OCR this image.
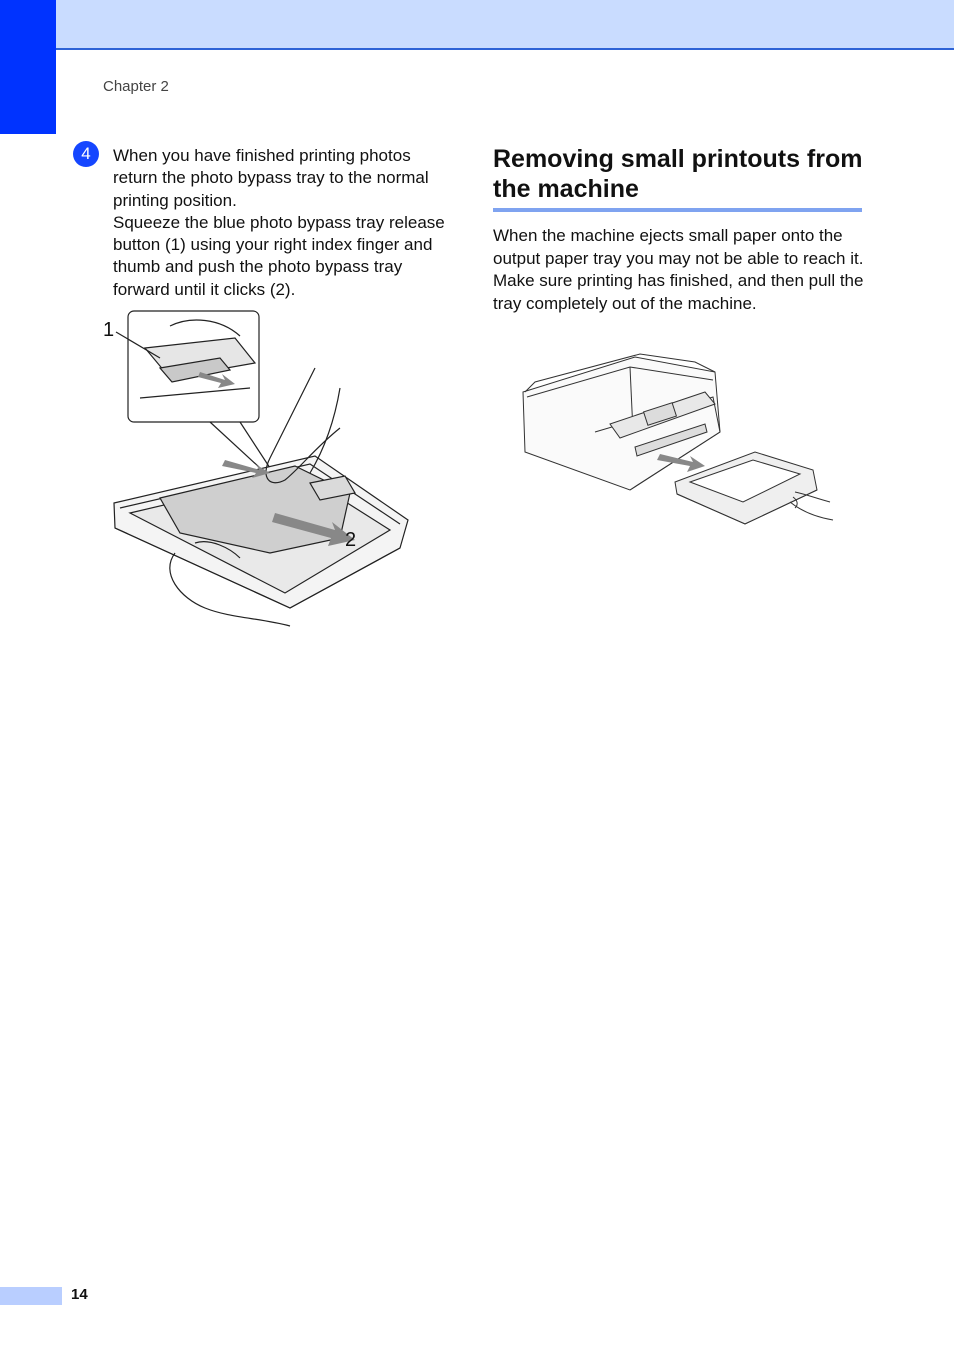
Chapter 2
4	When you have finished printing photos return the photo bypass tray to the normal printing position.

Squeeze the blue photo bypass tray release button (1) using your right index finger and thumb and push the photo bypass tray forward until it clicks (2).

1
2
Removing small printouts from the machine

When the machine ejects small paper onto the output paper tray you may not be able to reach it. Make sure printing has finished, and then pull the tray completely out of the machine.

14
